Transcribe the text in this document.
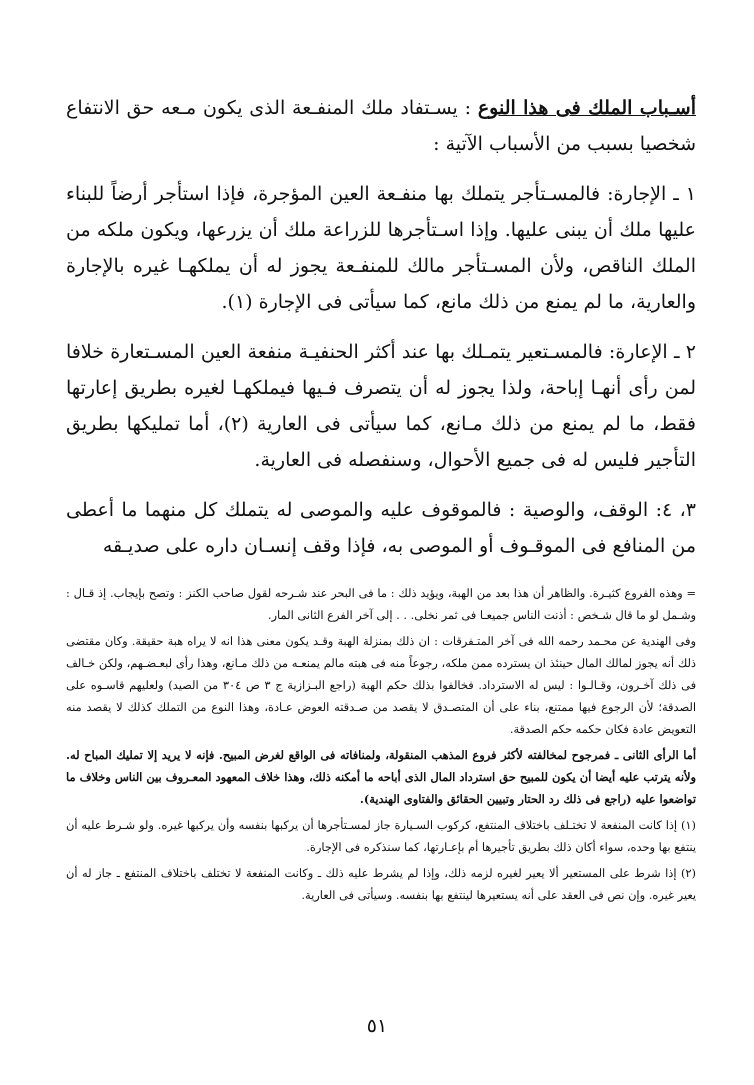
أسـباب الملك فى هذا النوع : يسـتفاد ملك المنفـعة الذى يكون مـعه حق الانتفاع شخصيا بسبب من الأسباب الآتية :

١ ـ الإجارة: فالمسـتأجر يتملك بها منفـعة العين المؤجرة، فإذا استأجر أرضاً للبناء عليها ملك أن يبنى عليها. وإذا اسـتأجرها للزراعة ملك أن يزرعها، ويكون ملكه من الملك الناقص، ولأن المسـتأجر مالك للمنفـعة يجوز له أن يملكهـا غيره بالإجارة والعارية، ما لم يمنع من ذلك مانع، كما سيأتى فى الإجارة (١).

٢ ـ الإعارة: فالمسـتعير يتمـلك بها عند أكثر الحنفيـة منفعة العين المسـتعارة خلافا لمن رأى أنهـا إباحة، ولذا يجوز له أن يتصرف فـيها فيملكهـا لغيره بطريق إعارتها فقط، ما لم يمنع من ذلك مـانع، كما سيأتى فى العارية (٢)، أما تمليكها بطريق التأجير فليس له فى جميع الأحوال، وسنفصله فى العارية.

٣، ٤: الوقف، والوصية : فالموقوف عليه والموصى له يتملك كل منهما ما أعطى من المنافع فى الموقـوف أو الموصى به، فإذا وقف إنسـان داره على صديـقه

= وهذه الفروع كثيـرة. والظاهر أن هذا بعد من الهبة، ويؤيد ذلك : ما فى البحر عند شـرحه لقول صاحب الكنز : وتصح بإيجاب. إذ قـال : وشـمل لو ما قال شـخص : أذنت الناس جميعـا فى ثمر نخلى. . . إلى آخر الفرع الثانى المار.

وفى الهندية عن محـمد رحمه الله فى آخر المتـفرقات : ان ذلك بمنزلة الهبة وقـد يكون معنى هذا انه لا يراه هبة حقيقة. وكان مقتضى ذلك أنه يجوز لمالك المال حينئذ ان يسترده ممن ملكه، رجوعاً منه فى هبته مالم يمنعـه من ذلك مـانع، وهذا رأى لبعـضـهم، ولكن خـالف فى ذلك آخـرون، وقـالـوا : ليس له الاسترداد. فخالفوا بذلك حكم الهبة (راجع البـزازية ج ٣ ص ٣٠٤ من الصيد) ولعليهم قاسـوه على الصدقة؛ لأن الرجوع فيها ممتنع، بناء على أن المتصـدق لا يقصد من صـدقته العوض عـادة، وهذا النوع من التملك كذلك لا يقصد منه التعويض عادة فكان حكمه حكم الصدقة.

أما الرأى الثانى ـ فمرجوح لمخالفته لأكثر فروع المذهب المنقولة، ولمنافاته فى الواقع لغرض المبيح. فإنه لا يريد إلا تمليك المباح له. ولأنه يترتب عليه أيضا أن يكون للمبيح حق استرداد المال الذى أباحه ما أمكنه ذلك، وهذا خلاف المعهود المعـروف بين الناس وخلاف ما تواضعوا عليه (راجع فى ذلك رد الحتار وتبيين الحقائق والفتاوى الهندية).

(١) إذا كانت المنفعة لا تختـلف باختلاف المنتفع، كركوب السـيارة جاز لمسـتأجرها أن يركبها بنفسه وأن يركبها غيره. ولو شـرط عليه أن ينتفع بها وحده، سواء أكان ذلك بطريق تأجيرها أم بإعـارتها، كما سنذكره فى الإجارة.

(٢) إذا شرط على المستعير ألا يعير لغيره لزمه ذلك، وإذا لم يشرط عليه ذلك ـ وكانت المنفعة لا تختلف باختلاف المنتفع ـ جاز له أن يعير غيره. وإن نص فى العقد على أنه يستعيرها لينتفع بها بنفسه. وسيأتى فى العارية.

٥١
